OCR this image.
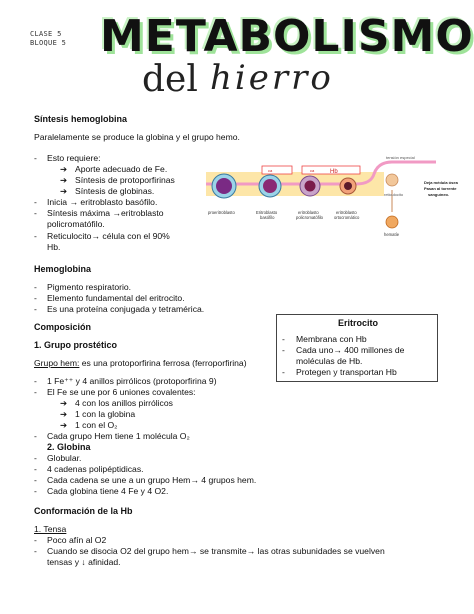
CLASE 5
BLOQUE 5 METABOLISMO
del hierro
Síntesis hemoglobina
Paralelamente se produce la globina y el grupo hemo.
- Esto requiere:
➔ Aporte adecuado de Fe.
➔ Síntesis de protoporfirinas
➔ Síntesis de globinas.
- Inicia → eritroblasto basófilo.
- Síntesis máxima →eritroblasto
policromatófilo.
- Reticulocito→ célula con el 90%
Hb.
ca	ca	Hb
tensión especial
reticulocito
Deja médula ósea
Pasan al torrente
sanguíneo.
proeritroblasto	Eritroblasto
basófilo
eritroblasto
policromatófilo
eritroblasto
ortocromático
hematíe
Hemoglobina
- Pigmento respiratorio.
- Elemento fundamental del eritrocito.
- Es una proteína conjugada y tetramérica.
Eritrocito
- Membrana con Hb
- Cada uno→ 400 millones de
moléculas de Hb.
- Protegen y transportan Hb
Composición
1. Grupo prostético
Grupo hem: es una protoporfirina ferrosa (ferroporfirina)
- 1 Fe⁺⁺ y 4 anillos pirrólicos (protoporfirina 9)
- El Fe se une por 6 uniones covalentes:
➔ 4 con los anillos pirrólicos
➔ 1 con la globina
➔ 1 con el O₂
- Cada grupo Hem tiene 1 molécula O₂
2. Globina
- Globular.
- 4 cadenas polipéptidicas.
- Cada cadena se une a un grupo Hem→ 4 grupos hem.
- Cada globina tiene 4 Fe y 4 O2.
Conformación de la Hb
1. Tensa
- Poco afín al O2
- Cuando se disocia O2 del grupo hem→ se transmite→ las otras subunidades se vuelven
tensas y ↓ afinidad.
